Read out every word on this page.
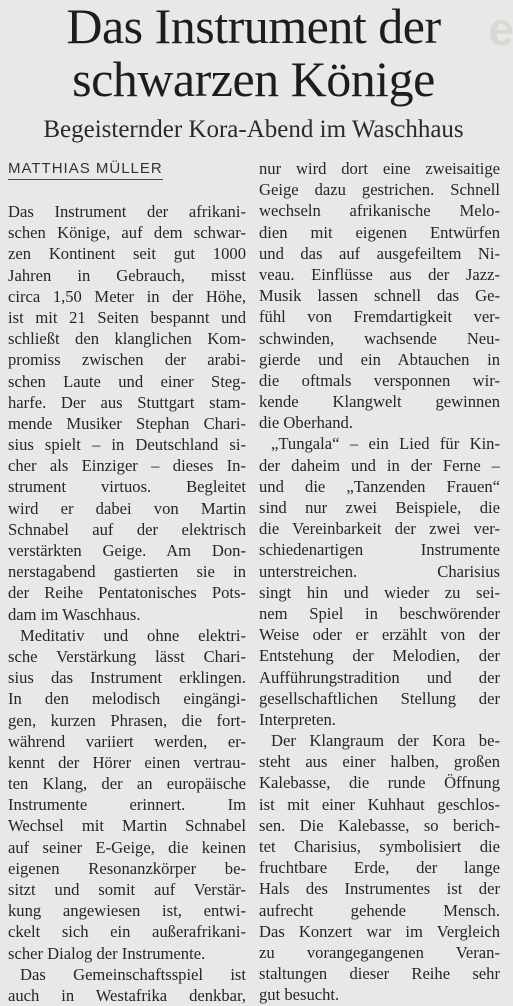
e
Das Instrument der
schwarzen Könige
Begeisternder Kora-Abend im Waschhaus
MATTHIAS MÜLLER
Das Instrument der afrikani-
schen Könige, auf dem schwar-
zen Kontinent seit gut 1000
Jahren in Gebrauch, misst
circa 1,50 Meter in der Höhe,
ist mit 21 Seiten bespannt und
schließt den klanglichen Kom-
promiss zwischen der arabi-
schen Laute und einer Steg-
harfe. Der aus Stuttgart stam-
mende Musiker Stephan Chari-
sius spielt – in Deutschland si-
cher als Einziger – dieses In-
strument virtuos. Begleitet
wird er dabei von Martin
Schnabel auf der elektrisch
verstärkten Geige. Am Don-
nerstagabend gastierten sie in
der Reihe Pentatonisches Pots-
dam im Waschhaus.
Meditativ und ohne elektri-
sche Verstärkung lässt Chari-
sius das Instrument erklingen.
In den melodisch eingängi-
gen, kurzen Phrasen, die fort-
während variiert werden, er-
kennt der Hörer einen vertrau-
ten Klang, der an europäische
Instrumente erinnert. Im
Wechsel mit Martin Schnabel
auf seiner E-Geige, die keinen
eigenen Resonanzkörper be-
sitzt und somit auf Verstär-
kung angewiesen ist, entwi-
ckelt sich ein außerafrikani-
scher Dialog der Instrumente.
Das Gemeinschaftsspiel ist
auch in Westafrika denkbar,
nur wird dort eine zweisaitige
Geige dazu gestrichen. Schnell
wechseln afrikanische Melo-
dien mit eigenen Entwürfen
und das auf ausgefeiltem Ni-
veau. Einflüsse aus der Jazz-
Musik lassen schnell das Ge-
fühl von Fremdartigkeit ver-
schwinden, wachsende Neu-
gierde und ein Abtauchen in
die oftmals versponnen wir-
kende Klangwelt gewinnen
die Oberhand.
„Tungala“ – ein Lied für Kin-
der daheim und in der Ferne –
und die „Tanzenden Frauen“
sind nur zwei Beispiele, die
die Vereinbarkeit der zwei ver-
schiedenartigen Instrumente
unterstreichen. Charisius
singt hin und wieder zu sei-
nem Spiel in beschwörender
Weise oder er erzählt von der
Entstehung der Melodien, der
Aufführungstradition und der
gesellschaftlichen Stellung der
Interpreten.
Der Klangraum der Kora be-
steht aus einer halben, großen
Kalebasse, die runde Öffnung
ist mit einer Kuhhaut geschlos-
sen. Die Kalebasse, so berich-
tet Charisius, symbolisiert die
fruchtbare Erde, der lange
Hals des Instrumentes ist der
aufrecht gehende Mensch.
Das Konzert war im Vergleich
zu vorangegangenen Veran-
staltungen dieser Reihe sehr
gut besucht.
